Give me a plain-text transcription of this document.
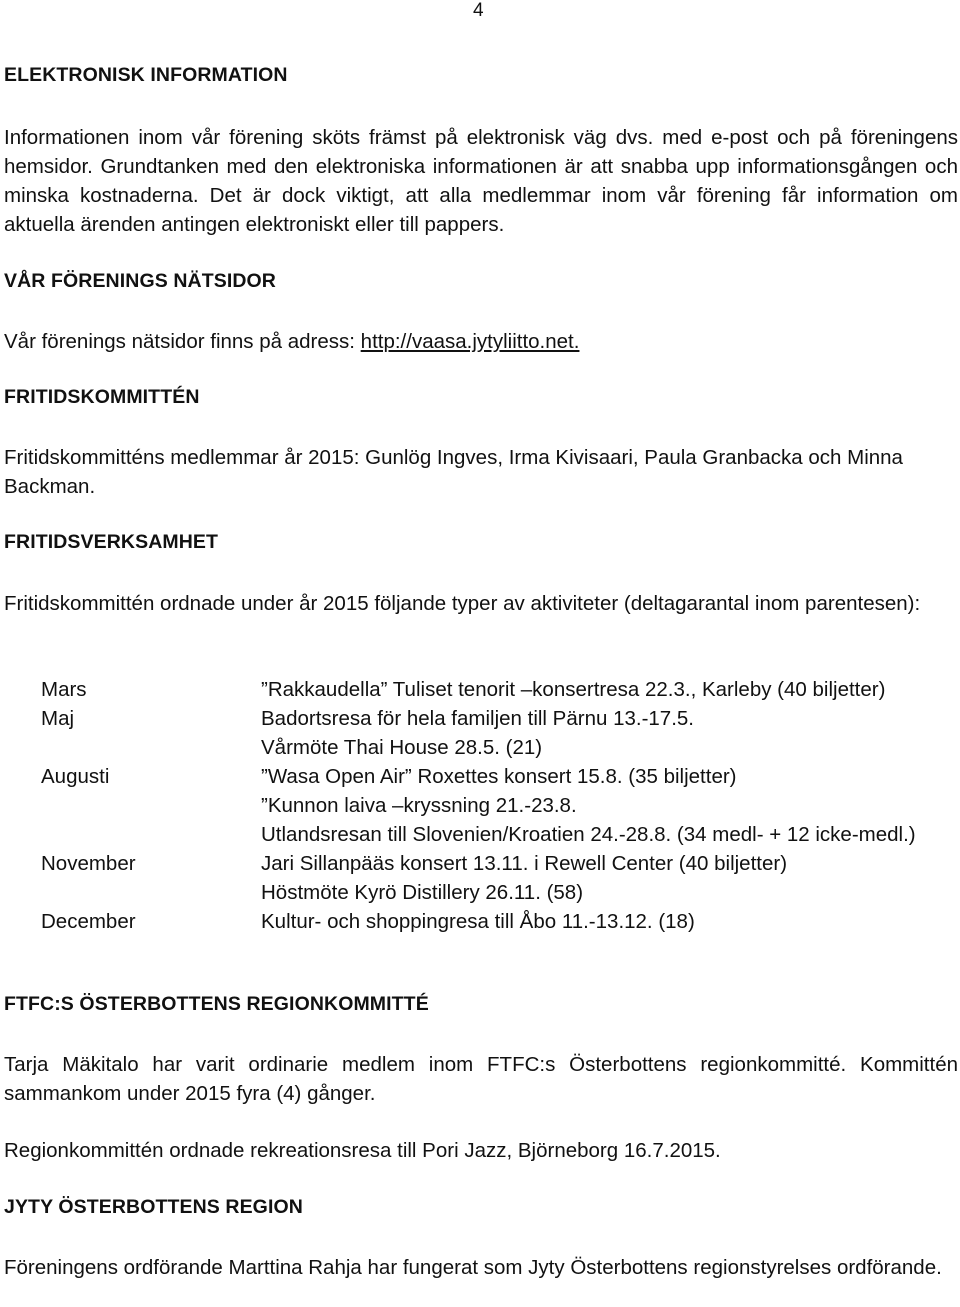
4
ELEKTRONISK INFORMATION

Informationen inom vår förening sköts främst på elektronisk väg dvs. med e-post och på föreningens hemsidor. Grundtanken med den elektroniska informationen är att snabba upp informationsgången och minska kostnaderna. Det är dock viktigt, att alla medlemmar inom vår förening får information om aktuella ärenden antingen elektroniskt eller till pappers.

VÅR FÖRENINGS NÄTSIDOR

Vår förenings nätsidor finns på adress: http://vaasa.jytyliitto.net.

FRITIDSKOMMITTÉN

Fritidskommitténs medlemmar år 2015: Gunlög Ingves, Irma Kivisaari, Paula Granbacka och Minna Backman.

FRITIDSVERKSAMHET

Fritidskommittén ordnade under år 2015 följande typer av aktiviteter (deltagarantal inom parentesen):

Mars	”Rakkaudella” Tuliset tenorit –konsertresa 22.3., Karleby (40 biljetter)
Maj	Badortsresa för hela familjen till Pärnu 13.-17.5.
Vårmöte Thai House 28.5. (21)
Augusti	”Wasa Open Air” Roxettes konsert 15.8. (35 biljetter)
”Kunnon laiva –kryssning 21.-23.8.
Utlandsresan till Slovenien/Kroatien 24.-28.8. (34 medl- + 12 icke-medl.)
November	Jari Sillanpääs konsert 13.11. i Rewell Center (40 biljetter)
Höstmöte Kyrö Distillery 26.11. (58)
December	Kultur- och shoppingresa till Åbo 11.-13.12. (18)
FTFC:S ÖSTERBOTTENS REGIONKOMMITTÉ

Tarja Mäkitalo har varit ordinarie medlem inom FTFC:s Österbottens regionkommitté. Kommittén sammankom under 2015 fyra (4) gånger.

Regionkommittén ordnade rekreationsresa till Pori Jazz, Björneborg 16.7.2015.

JYTY ÖSTERBOTTENS REGION

Föreningens ordförande Marttina Rahja har fungerat som Jyty Österbottens regionstyrelses ordförande.
